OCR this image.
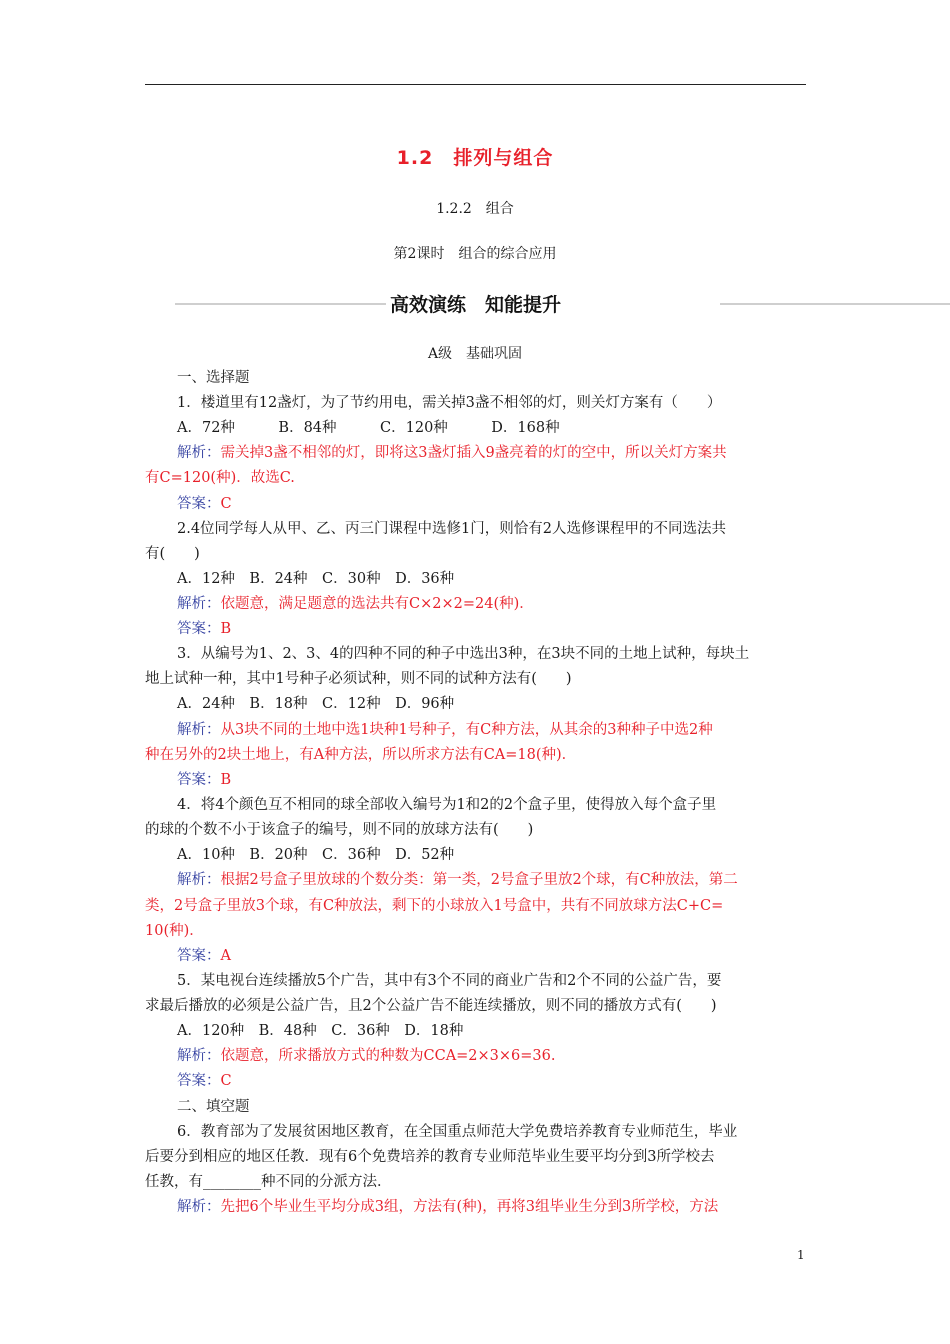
1.2　排列与组合
1.2.2　组合
第2课时　组合的综合应用
高效演练　知能提升
A级　基础巩固
一、选择题
1．楼道里有12盏灯，为了节约用电，需关掉3盏不相邻的灯，则关灯方案有（　　）
A．72种　　　B．84种　　　C．120种　　　D．168种
解析：需关掉3盏不相邻的灯，即将这3盏灯插入9盏亮着的灯的空中，所以关灯方案共
有C=120(种)．故选C.
答案：C
2.4位同学每人从甲、乙、丙三门课程中选修1门，则恰有2人选修课程甲的不同选法共
有(　　)
A．12种　B．24种　C．30种　D．36种
解析：依题意，满足题意的选法共有C×2×2=24(种)．
答案：B
3．从编号为1、2、3、4的四种不同的种子中选出3种，在3块不同的土地上试种，每块土
地上试种一种，其中1号种子必须试种，则不同的试种方法有(　　)
A．24种　B．18种　C．12种　D．96种
解析：从3块不同的土地中选1块种1号种子，有C种方法，从其余的3种种子中选2种
种在另外的2块土地上，有A种方法，所以所求方法有CA=18(种)．
答案：B
4．将4个颜色互不相同的球全部收入编号为1和2的2个盒子里，使得放入每个盒子里
的球的个数不小于该盒子的编号，则不同的放球方法有(　　)
A．10种　B．20种　C．36种　D．52种
解析：根据2号盒子里放球的个数分类：第一类，2号盒子里放2个球，有C种放法，第二
类，2号盒子里放3个球，有C种放法，剩下的小球放入1号盒中，共有不同放球方法C+C=
10(种)．
答案：A
5．某电视台连续播放5个广告，其中有3个不同的商业广告和2个不同的公益广告，要
求最后播放的必须是公益广告，且2个公益广告不能连续播放，则不同的播放方式有(　　)
A．120种　B．48种　C．36种　D．18种
解析：依题意，所求播放方式的种数为CCA=2×3×6=36.
答案：C
二、填空题
6．教育部为了发展贫困地区教育，在全国重点师范大学免费培养教育专业师范生，毕业
后要分到相应的地区任教．现有6个免费培养的教育专业师范毕业生要平均分到3所学校去
任教，有________种不同的分派方法．
解析：先把6个毕业生平均分成3组，方法有(种)，再将3组毕业生分到3所学校，方法
1
